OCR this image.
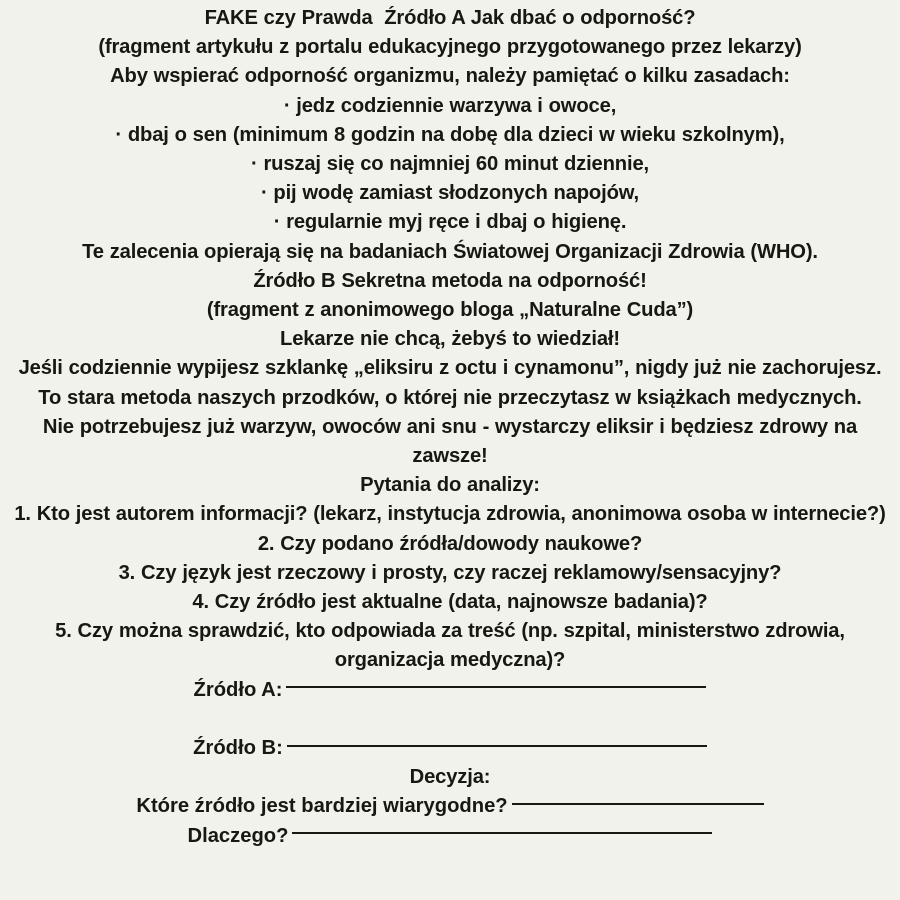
FAKE czy Prawda  Źródło A Jak dbać o odporność?

(fragment artykułu z portalu edukacyjnego przygotowanego przez lekarzy)

Aby wspierać odporność organizmu, należy pamiętać o kilku zasadach:

· jedz codziennie warzywa i owoce,

· dbaj o sen (minimum 8 godzin na dobę dla dzieci w wieku szkolnym),

· ruszaj się co najmniej 60 minut dziennie,

· pij wodę zamiast słodzonych napojów,

· regularnie myj ręce i dbaj o higienę.

Te zalecenia opierają się na badaniach Światowej Organizacji Zdrowia (WHO).

Źródło B Sekretna metoda na odporność!

(fragment z anonimowego bloga „Naturalne Cuda”)

Lekarze nie chcą, żebyś to wiedział!

Jeśli codziennie wypijesz szklankę „eliksiru z octu i cynamonu”, nigdy już nie zachorujesz.

To stara metoda naszych przodków, o której nie przeczytasz w książkach medycznych.

Nie potrzebujesz już warzyw, owoców ani snu - wystarczy eliksir i będziesz zdrowy na zawsze!

Pytania do analizy:

1. Kto jest autorem informacji? (lekarz, instytucja zdrowia, anonimowa osoba w internecie?)

2. Czy podano źródła/dowody naukowe?

3. Czy język jest rzeczowy i prosty, czy raczej reklamowy/sensacyjny?

4. Czy źródło jest aktualne (data, najnowsze badania)?

5. Czy można sprawdzić, kto odpowiada za treść (np. szpital, ministerstwo zdrowia, organizacja medyczna)?

Źródło A:

Źródło B:

Decyzja:

Które źródło jest bardziej wiarygodne?
Dlaczego?
